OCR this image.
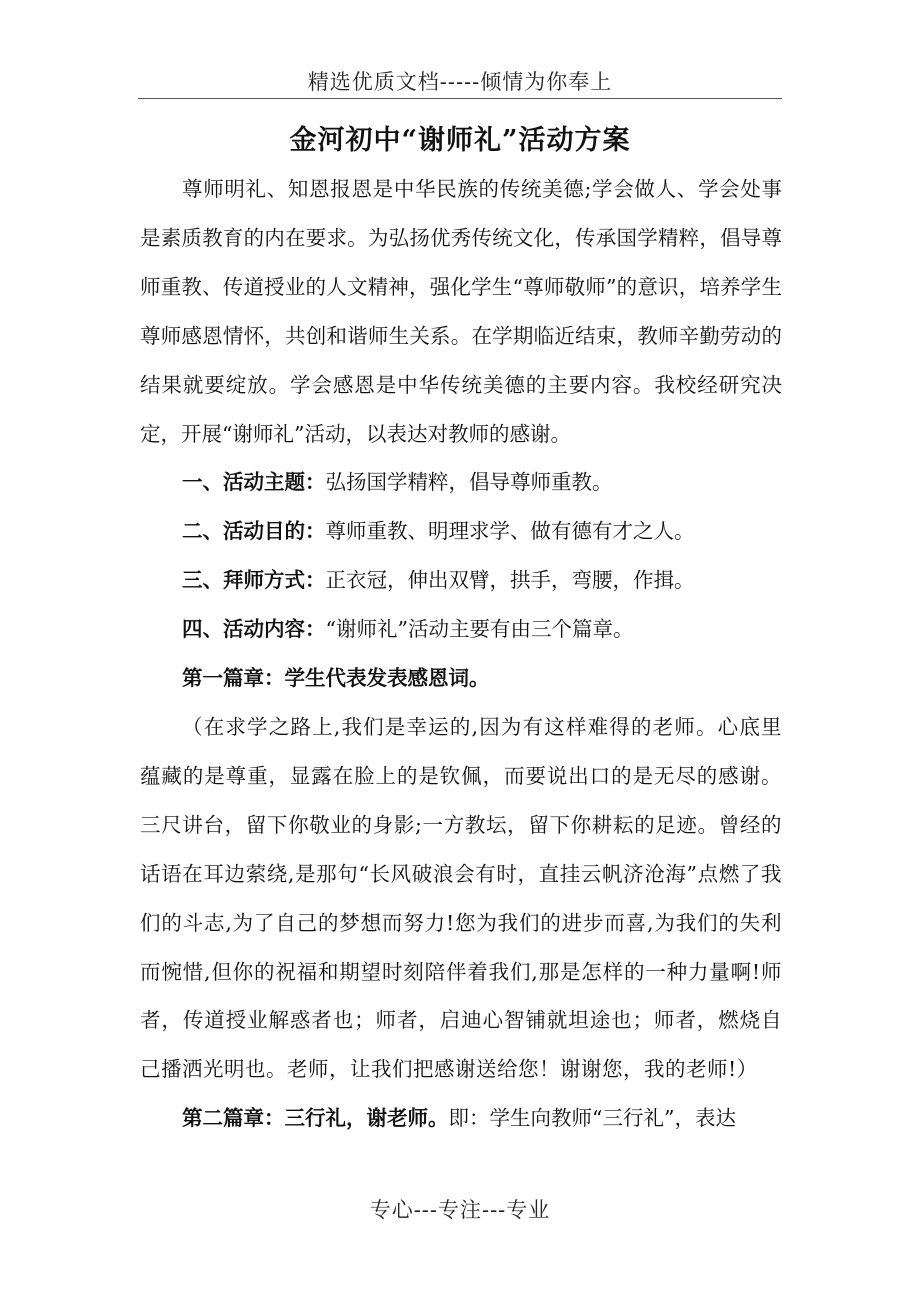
精选优质文档-----倾情为你奉上
金河初中“谢师礼”活动方案

尊师明礼、知恩报恩是中华民族的传统美德;学会做人、学会处事是素质教育的内在要求。为弘扬优秀传统文化，传承国学精粹，倡导尊师重教、传道授业的人文精神，强化学生“尊师敬师”的意识，培养学生尊师感恩情怀，共创和谐师生关系。在学期临近结束，教师辛勤劳动的结果就要绽放。学会感恩是中华传统美德的主要内容。我校经研究决定，开展“谢师礼”活动，以表达对教师的感谢。

一、活动主题：弘扬国学精粹，倡导尊师重教。

二、活动目的：尊师重教、明理求学、做有德有才之人。

三、拜师方式：正衣冠，伸出双臂，拱手，弯腰，作揖。

四、活动内容：“谢师礼”活动主要有由三个篇章。

第一篇章：学生代表发表感恩词。

（在求学之路上,我们是幸运的,因为有这样难得的老师。心底里蕴藏的是尊重，显露在脸上的是钦佩，而要说出口的是无尽的感谢。三尺讲台，留下你敬业的身影;一方教坛，留下你耕耘的足迹。曾经的话语在耳边萦绕,是那句“长风破浪会有时，直挂云帆济沧海”点燃了我们的斗志,为了自己的梦想而努力!您为我们的进步而喜,为我们的失利而惋惜,但你的祝福和期望时刻陪伴着我们,那是怎样的一种力量啊!师者，传道授业解惑者也；师者，启迪心智铺就坦途也；师者，燃烧自己播洒光明也。老师，让我们把感谢送给您！谢谢您，我的老师!）

第二篇章：三行礼，谢老师。即：学生向教师“三行礼”，表达

专心---专注---专业
